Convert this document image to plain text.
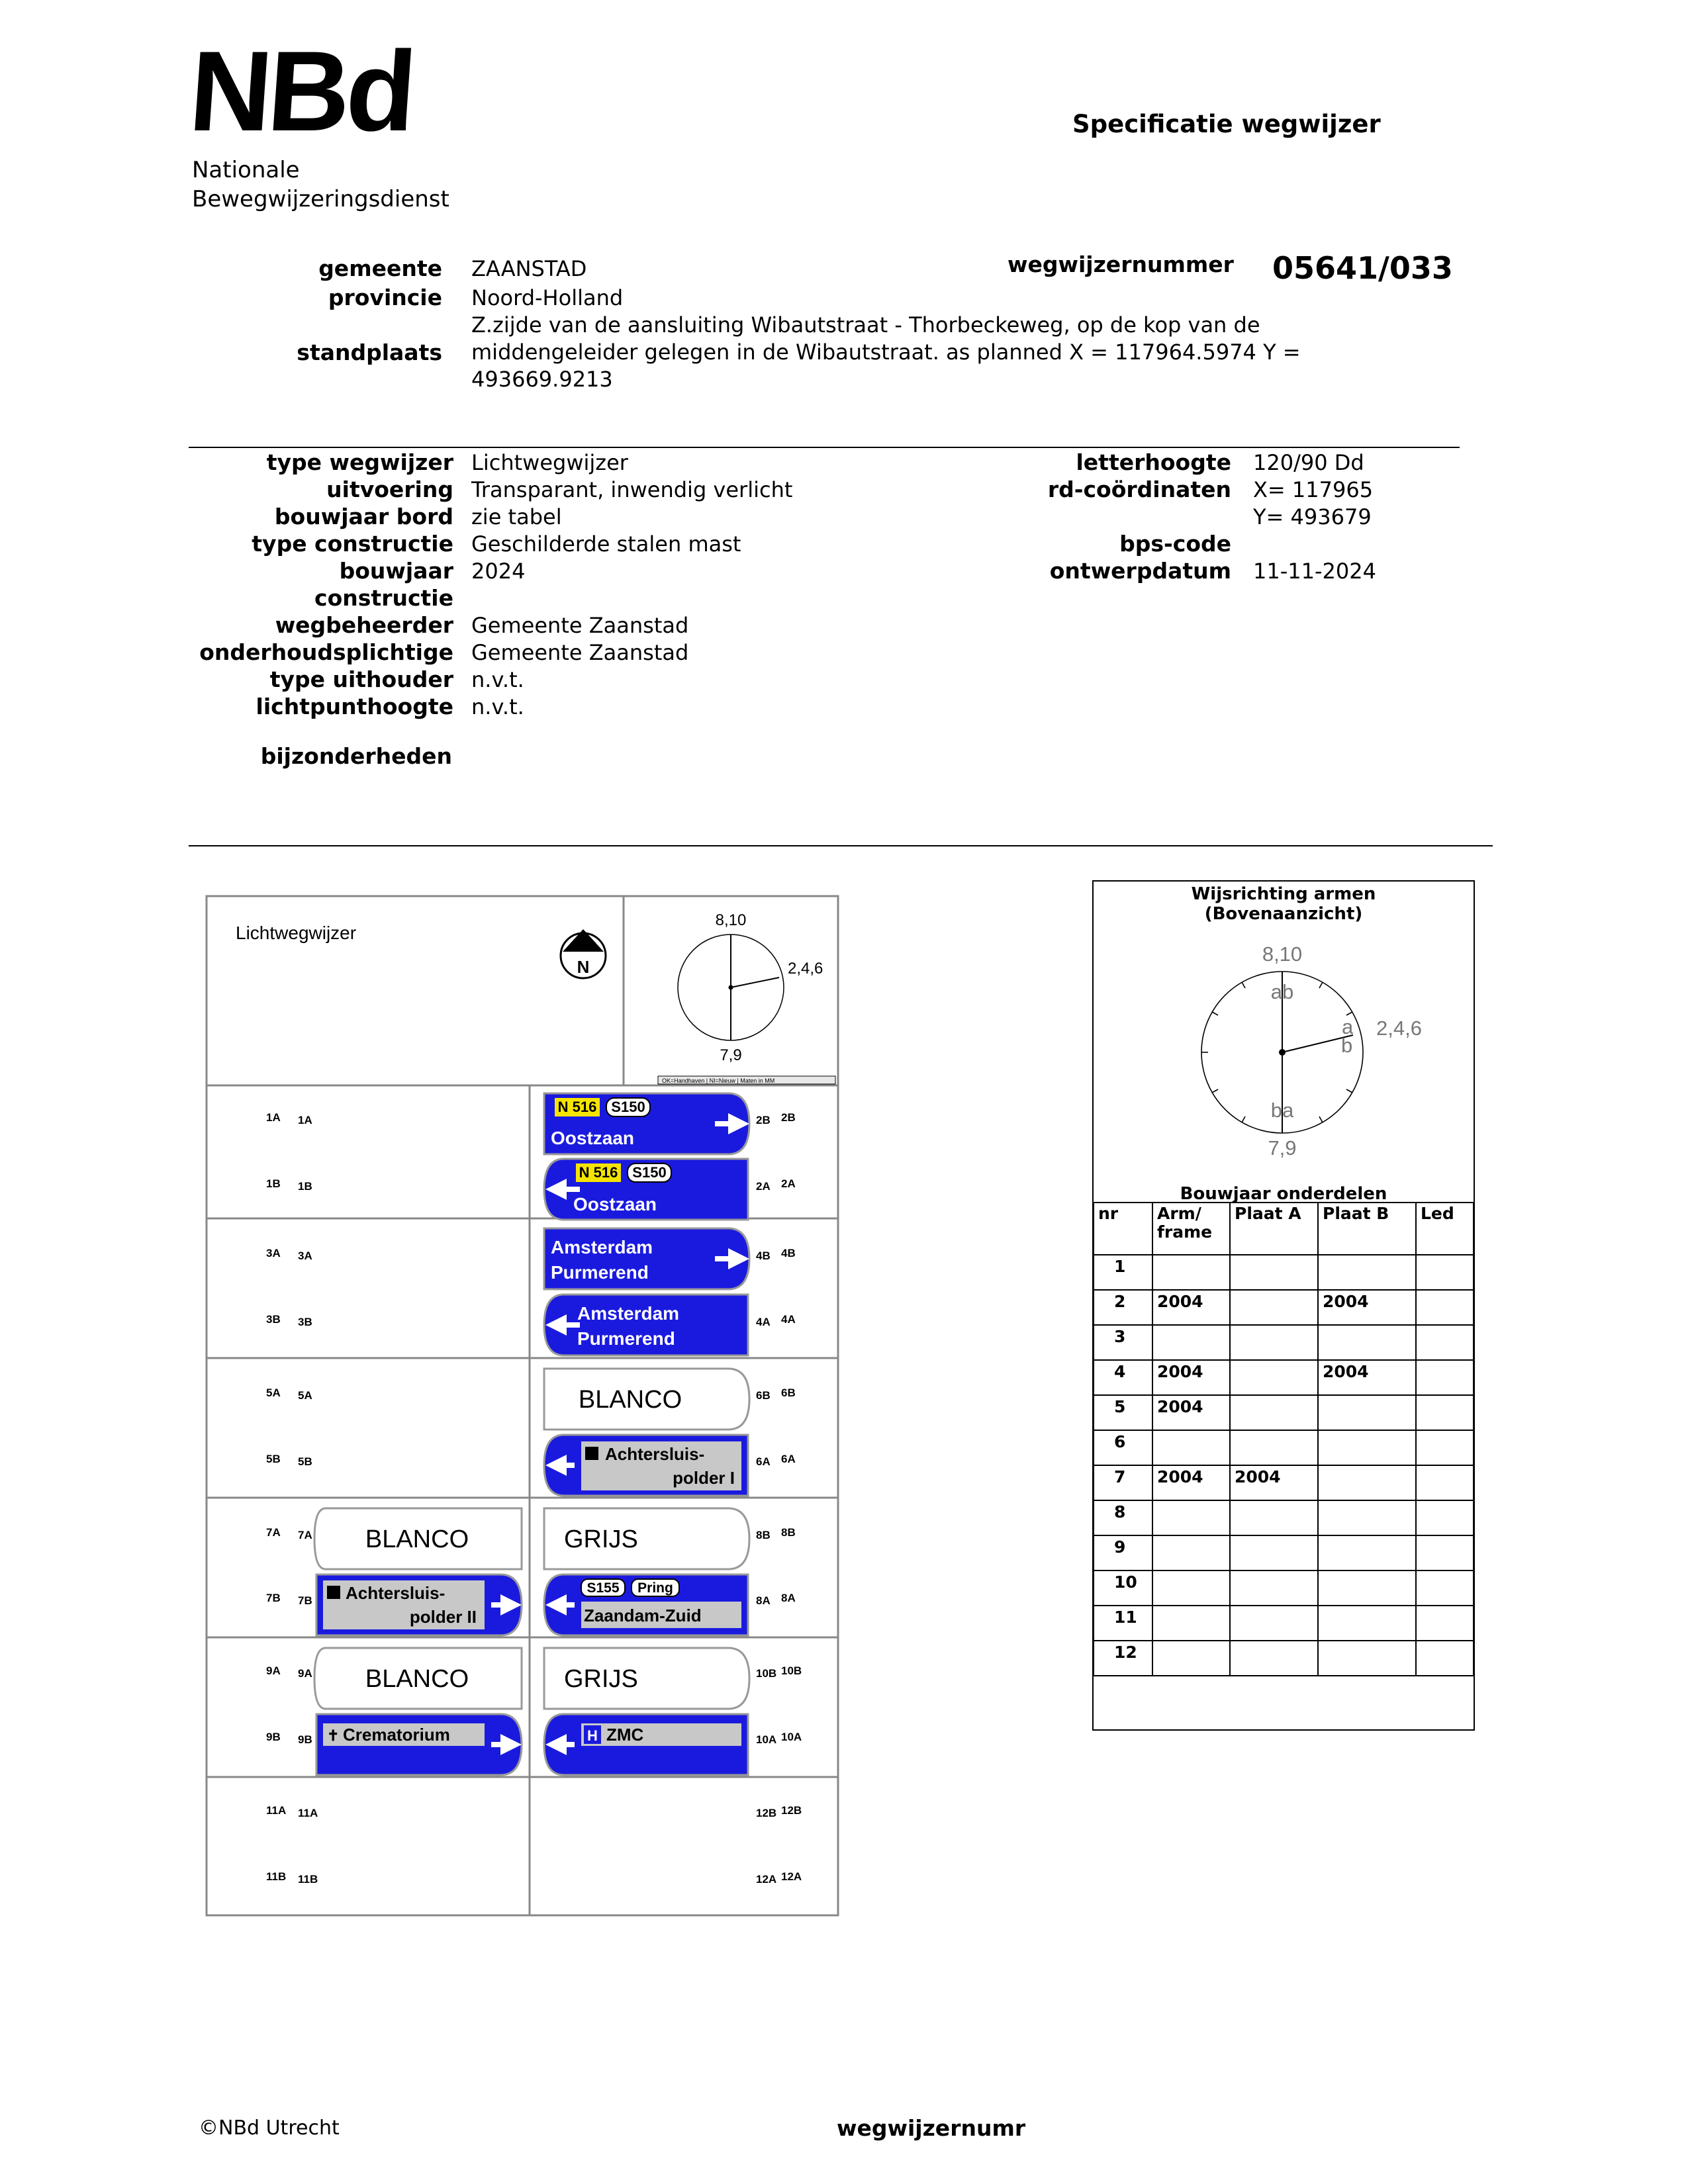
NBd
Nationale
Bewegwijzeringsdienst
Specificatie wegwijzer
gemeente ZAANSTAD
provincie Noord-Holland
standplaats
Z.zijde van de aansluiting Wibautstraat - Thorbeckeweg, op de kop van de
middengeleider gelegen in de Wibautstraat. as planned X = 117964.5974 Y =
493669.9213
wegwijzernummer 05641/033
type wegwijzer Lichtwegwijzer
uitvoering Transparant, inwendig verlicht
bouwjaar bord zie tabel
type constructie Geschilderde stalen mast
bouwjaar 2024
constructie
wegbeheerder Gemeente Zaanstad
onderhoudsplichtige Gemeente Zaanstad
type uithouder n.v.t.
lichtpunthoogte n.v.t.
letterhoogte 120/90 Dd
rd-coördinaten X= 117965
Y= 493679
bps-code
ontwerpdatum 11-11-2024
bijzonderheden
Lichtwegwijzer
N
8,10
2,4,6
7,9
OK=Handhaven | NI=Nieuw | Maten in MM
1A 1A
1B 1B
3A 3A
3B 3B
5A 5A
5B 5B
7A 7A
7B 7B
9A 9A
9B 9B
11A 11A
11B 11B
2B 2B
2A 2A
4B 4B
4A 4A
6B 6B
6A 6A
8B 8B
8A 8A
10B 10B
10A 10A
12B 12B
12A 12A
N 516 S150
Oostzaan
N 516 S150
Oostzaan
Amsterdam
Purmerend
Amsterdam
Purmerend
BLANCO
Achtersluis-
polder I
BLANCO
Achtersluis-
polder II
GRIJS
S155 Pring
Zaandam-Zuid
BLANCO
✝ Crematorium
GRIJS
H ZMC
Wijsrichting armen
(Bovenaanzicht)
8,10
2,4,6
7,9
ab
a
b
ba
Bouwjaar onderdelen
nr	Arm/ frame	Plaat A	Plaat B	Led
1				
2	2004		2004	
3				
4	2004		2004	
5	2004			
6				
7	2004	2004		
8				
9				
10				
11				
12				
©NBd Utrecht	wegwijzernumr
